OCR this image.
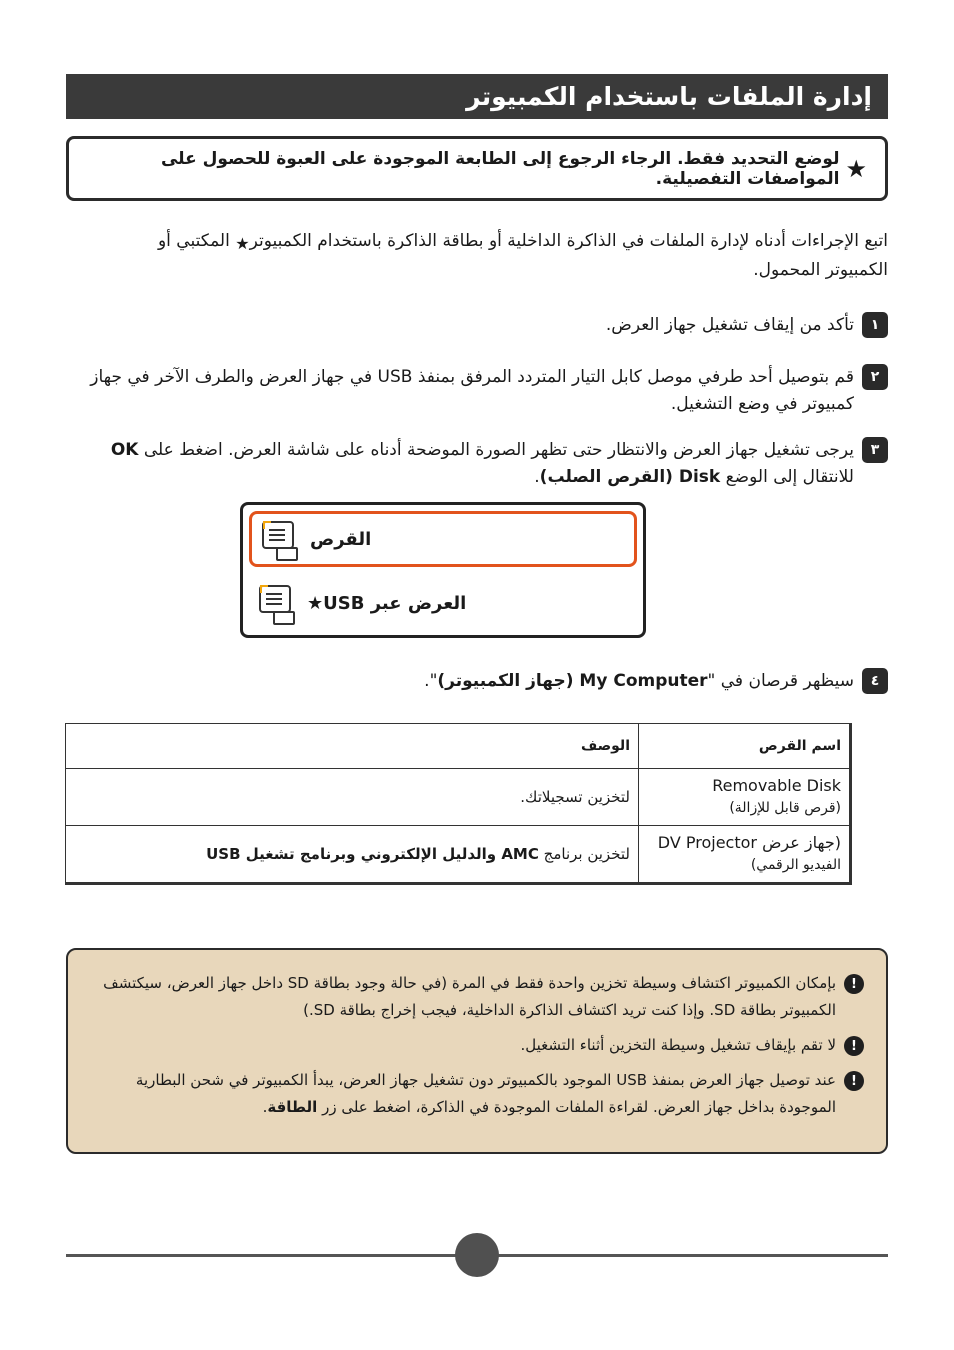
إدارة الملفات باستخدام الكمبيوتر
★
لوضع التحديد فقط. الرجاء الرجوع إلى الطابعة الموجودة على العبوة للحصول على المواصفات التفصيلية.
اتبع الإجراءات أدناه لإدارة الملفات في الذاكرة الداخلية أو بطاقة الذاكرة باستخدام الكمبيوتر★ المكتبي أو الكمبيوتر المحمول.
١
تأكد من إيقاف تشغيل جهاز العرض.
٢
قم بتوصيل أحد طرفي موصل كابل التيار المتردد المرفق بمنفذ USB في جهاز العرض والطرف الآخر في جهاز كمبيوتر في وضع التشغيل.
٣
يرجى تشغيل جهاز العرض والانتظار حتى تظهر الصورة الموضحة أدناه على شاشة العرض. اضغط على OK للانتقال إلى الوضع Disk (القرص الصلب).
القرص
★ العرض عبر USB
٤
سيظهر قرصان في "My Computer (جهاز الكمبيوتر)".
اسم القرص	الوصف

Removable Disk
(قرص قابل للإزالة)	لتخزين تسجيلاتك.

(جهاز عرض DV Projector
الفيديو الرقمي)	لتخزين برنامج AMC والدليل الإلكتروني وبرنامج تشغيل USB
!
بإمكان الكمبيوتر اكتشاف وسيطة تخزين واحدة فقط في المرة (في حالة وجود بطاقة SD داخل جهاز العرض، سيكتشف الكمبيوتر بطاقة SD. وإذا كنت تريد اكتشاف الذاكرة الداخلية، فيجب إخراج بطاقة SD.)
!
لا تقم بإيقاف تشغيل وسيطة التخزين أثناء التشغيل.
!
عند توصيل جهاز العرض بمنفذ USB الموجود بالكمبيوتر دون تشغيل جهاز العرض، يبدأ الكمبيوتر في شحن البطارية الموجودة بداخل جهاز العرض. لقراءة الملفات الموجودة في الذاكرة، اضغط على زر الطاقة.
